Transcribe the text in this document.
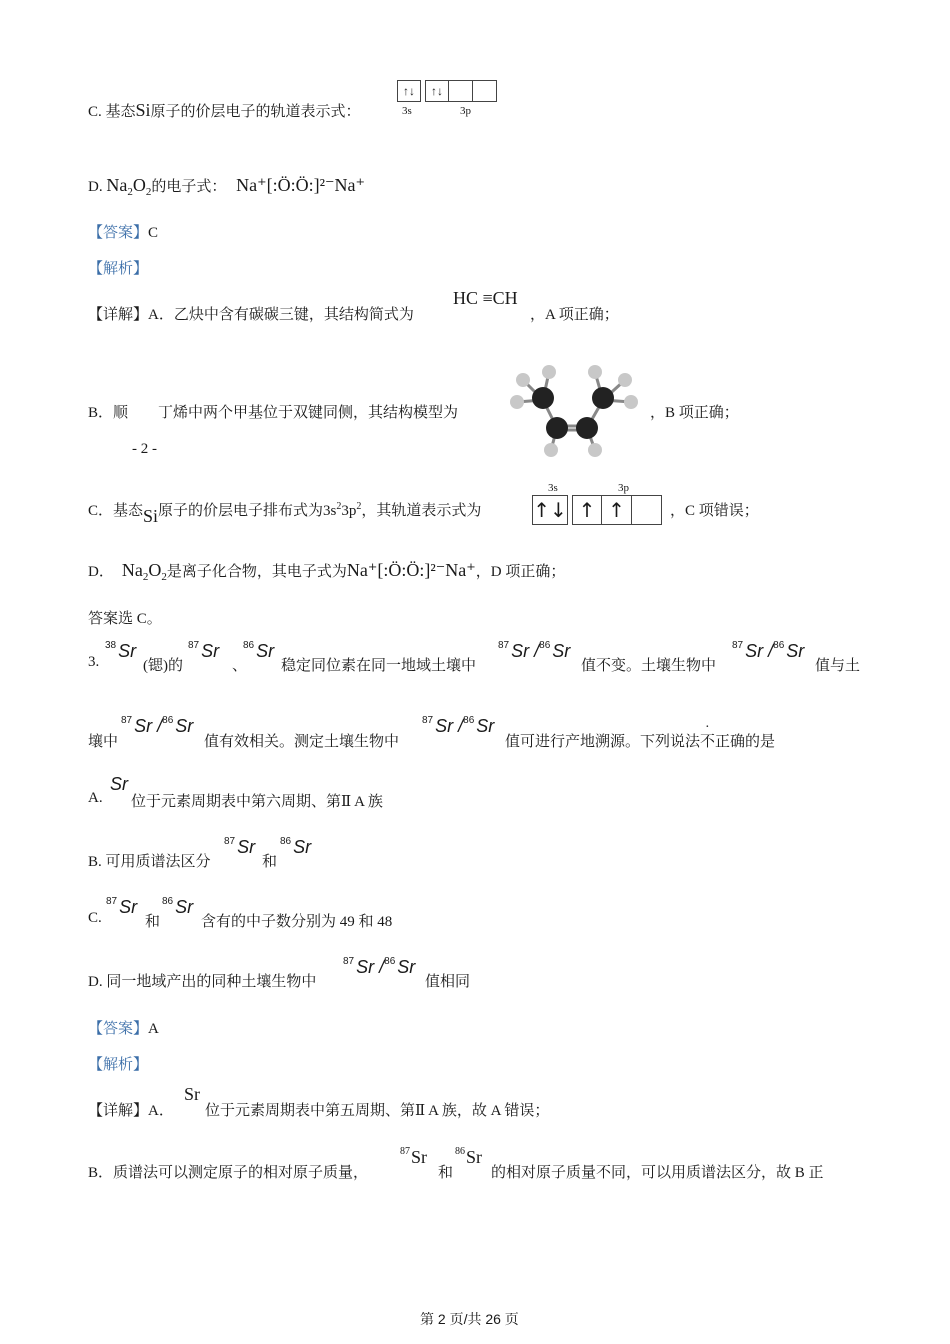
C. 基态Si原子的价层电子的轨道表示式：
↑↓	↑↓
3s	3p
D. $Na_2O_2$的电子式： Na⁺[:Ö:Ö:]²⁻Na⁺
【答案】C
【解析】
【详解】A．乙炔中含有碳碳三键，其结构简式为
HC ≡CH
，A 项正确；
B．顺 丁烯中两个甲基位于双键同侧，其结构模型为	，B 项正确；
- 2 -
C．基态Si原子的价层电子排布式为$3s^23p^2$，其轨道表示式为
3s	3p
↑↓ ↑ ↑	，C 项错误；
D． $Na_2O_2$是离子化合物，其电子式为Na⁺[:Ö:Ö:]²⁻Na⁺，D 项正确；
答案选 C。
3.
$^{38}$ Sr
(锶)的
$^{87}$ Sr
、
$^{86}$ Sr
稳定同位素在同一地域土壤中
$^{87}$ Sr /$^{86}$ Sr
值不变。土壤生物中
$^{87}$ Sr /$^{86}$ Sr
值与土
壤中
$^{87}$ Sr /$^{86}$ Sr
值有效相关。测定土壤生物中
$^{87}$ Sr /$^{86}$ Sr
值可进行产地溯源。下列说法不正确的是
A.
Sr
位于元素周期表中第六周期、第Ⅱ A 族
B. 可用质谱法区分
$^{87}$ Sr
和
$^{86}$ Sr
C.
$^{87}$ Sr
和
$^{86}$ Sr
含有的中子数分别为 49 和 48
D. 同一地域产出的同种土壤生物中
$^{87}$ Sr /$^{86}$ Sr
值相同
【答案】A
【解析】
【详解】A．
Sr
位于元素周期表中第五周期、第Ⅱ A 族，故 A 错误；
B．质谱法可以测定原子的相对原子质量，
$^{87}$Sr
和
$^{86}$Sr
的相对原子质量不同，可以用质谱法区分，故 B 正
第 2 页/共 26 页
